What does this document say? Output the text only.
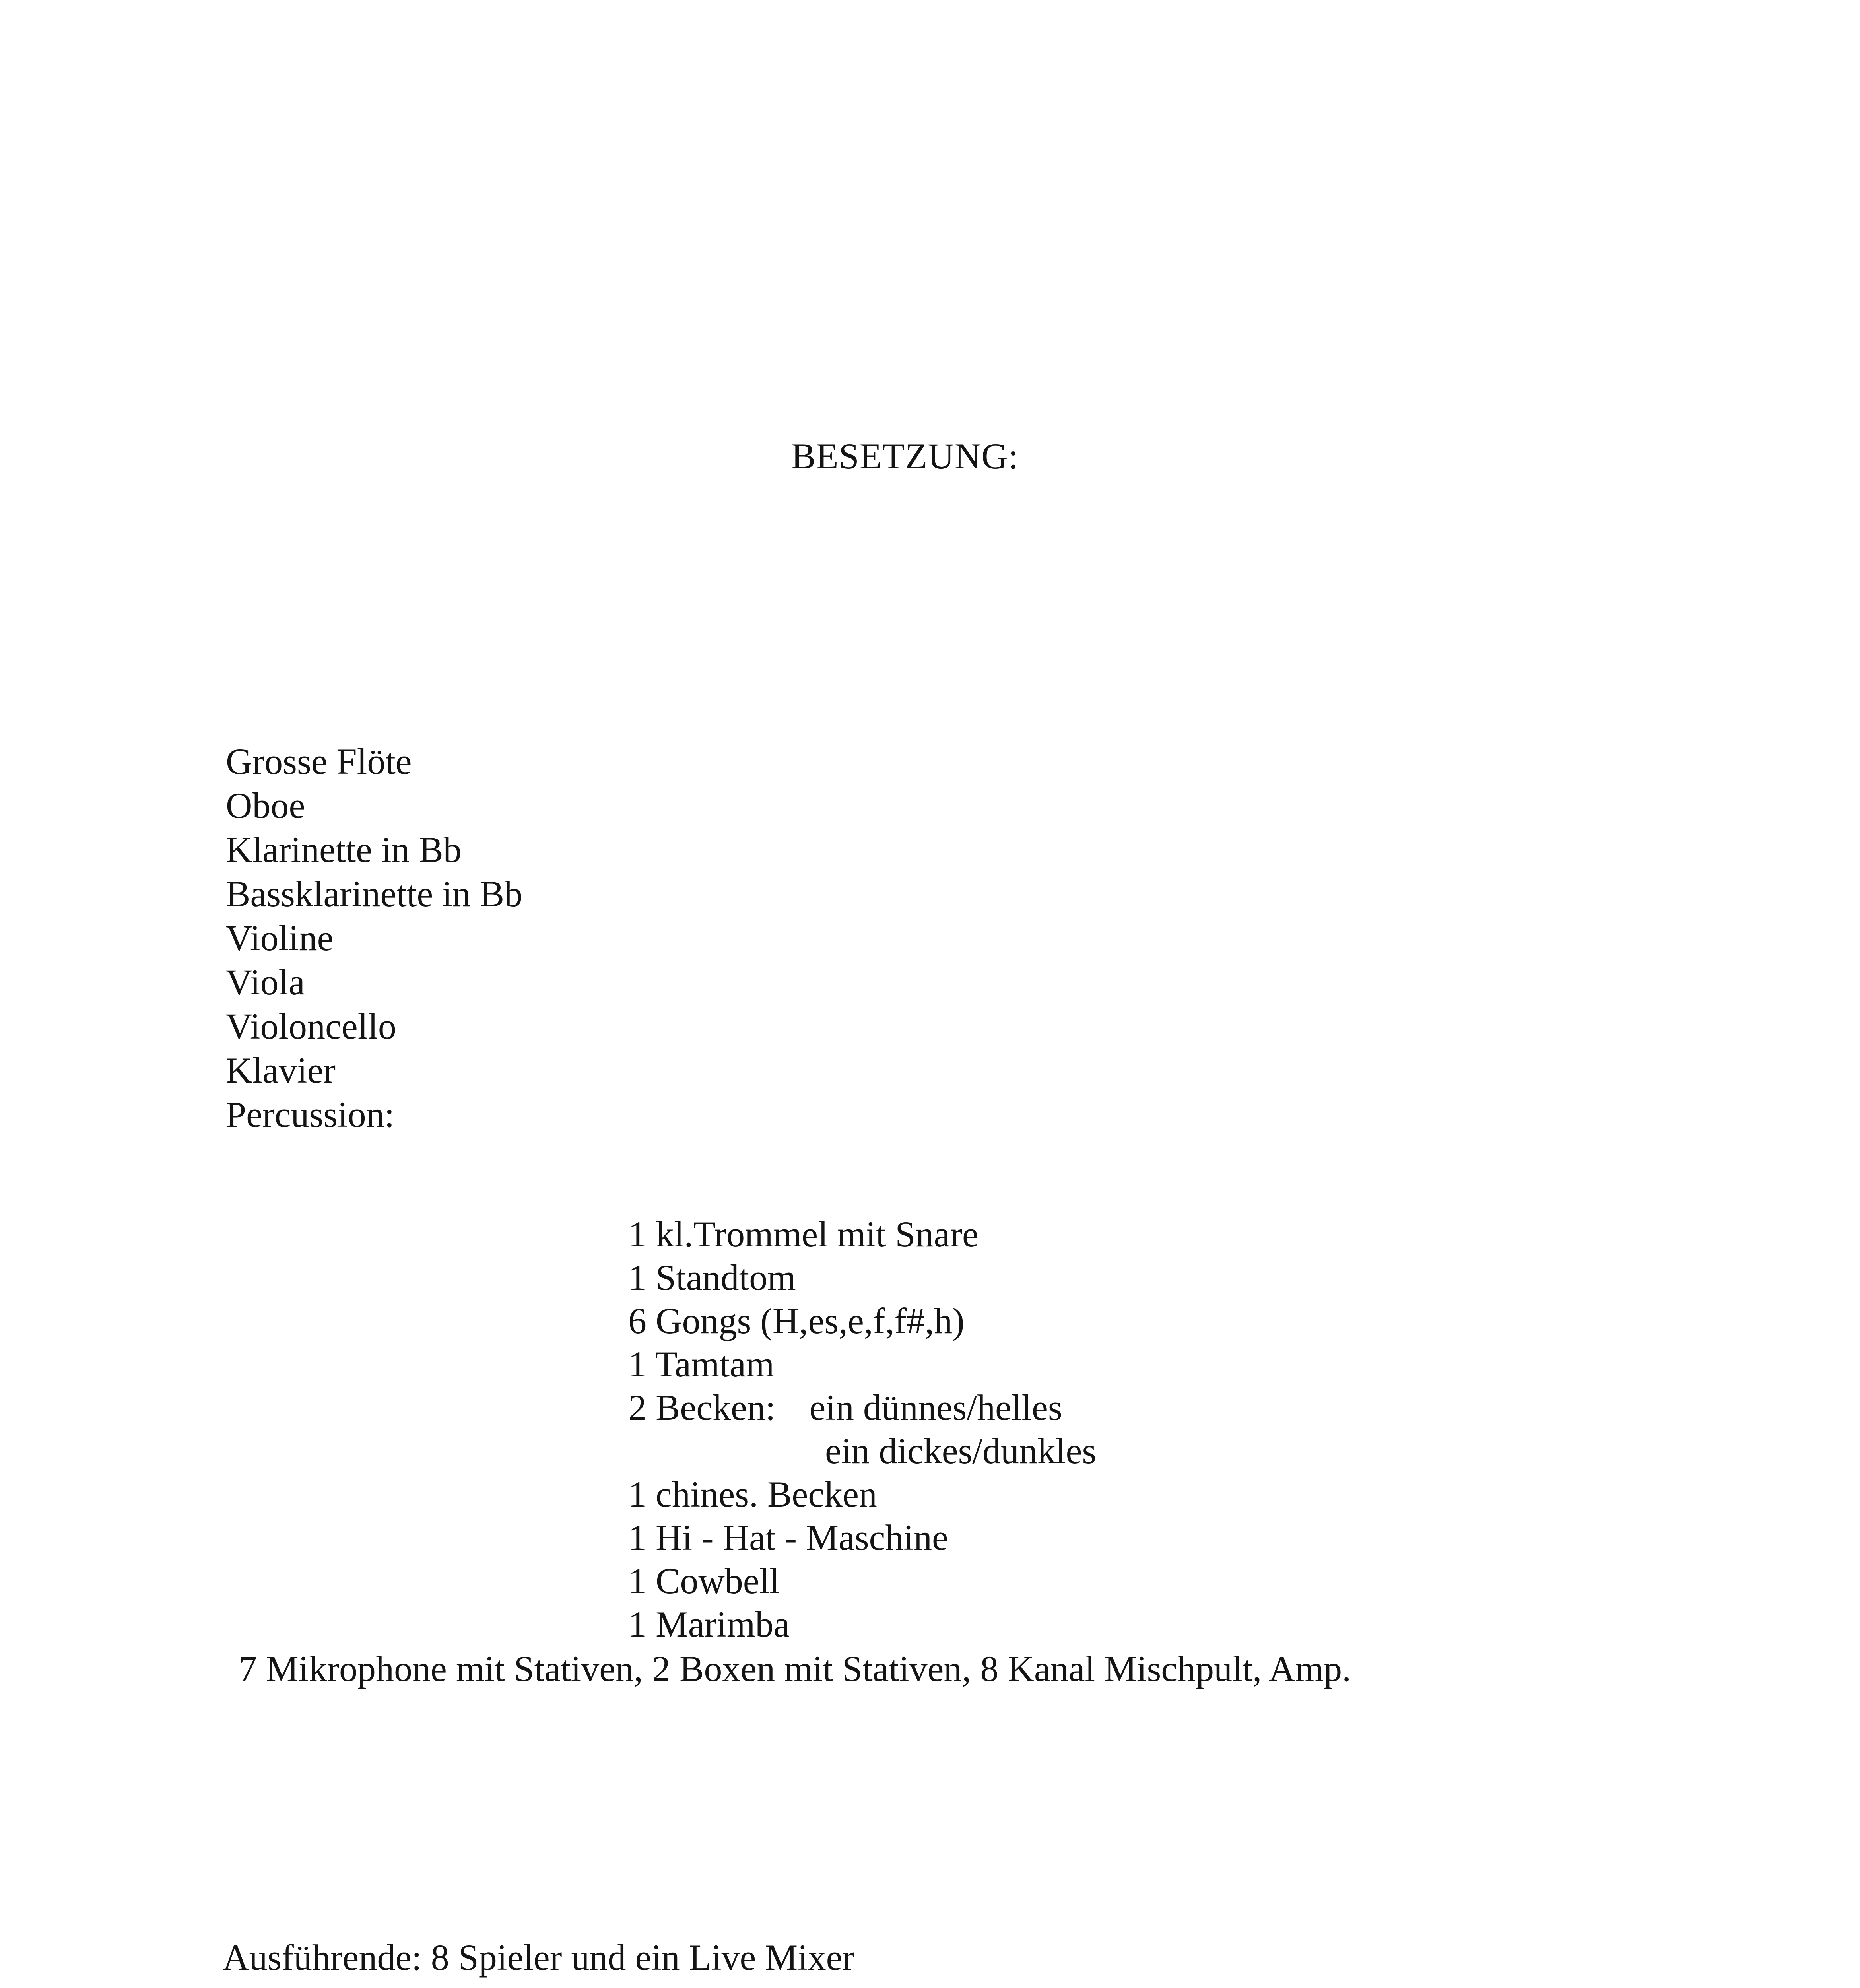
BESETZUNG:
Grosse Flöte
Oboe
Klarinette in Bb
Bassklarinette in Bb
Violine
Viola
Violoncello
Klavier
Percussion:
1 kl.Trommel mit Snare
1 Standtom
6 Gongs (H,es,e,f,f#,h)
1 Tamtam
2 Becken: ein dünnes/helles
ein dickes/dunkles
1 chines. Becken
1 Hi - Hat - Maschine
1 Cowbell
1 Marimba
7 Mikrophone mit Stativen, 2 Boxen mit Stativen, 8 Kanal Mischpult, Amp.
Ausführende: 8 Spieler und ein Live Mixer
